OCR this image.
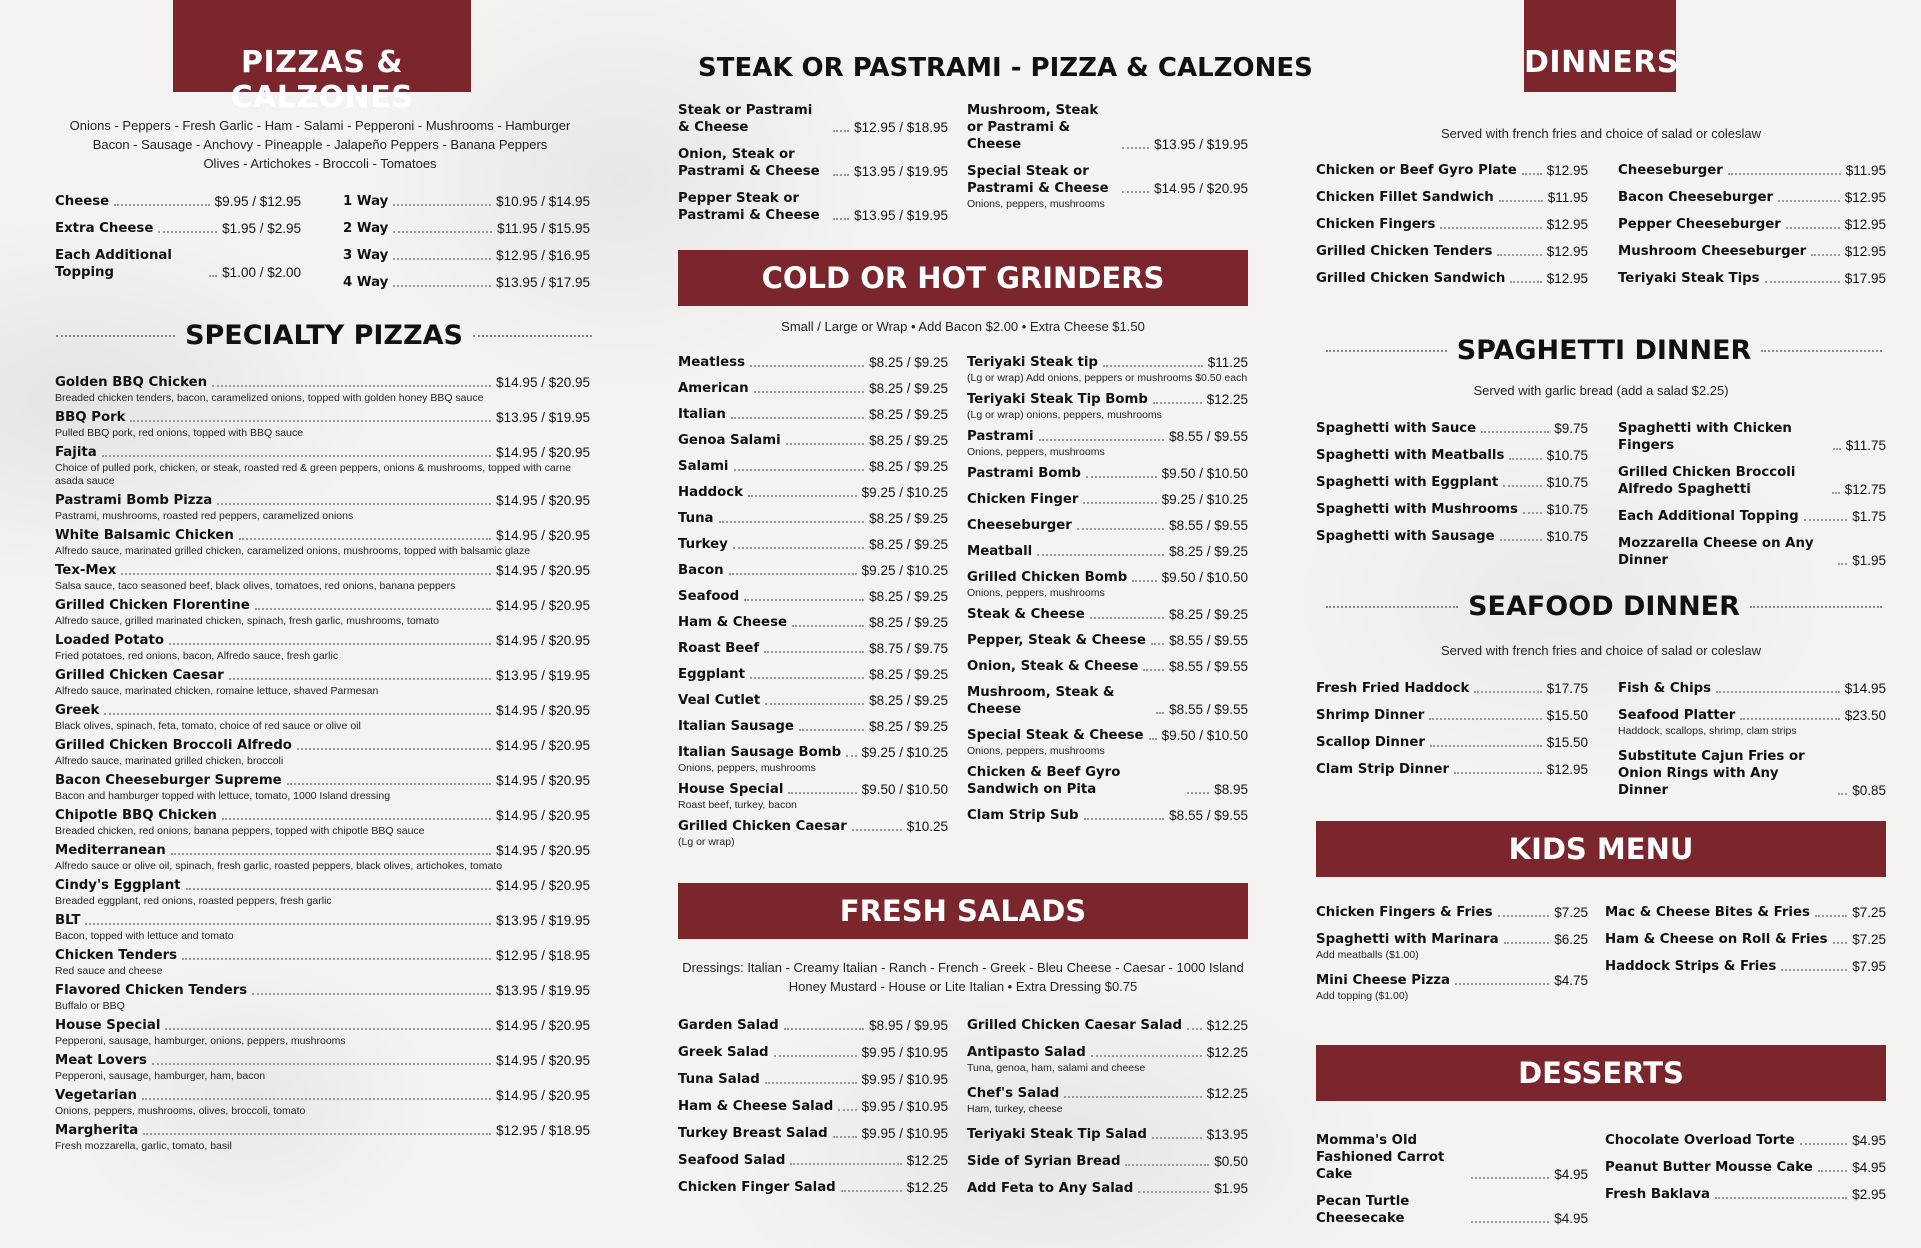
PIZZAS & CALZONES
Onions - Peppers - Fresh Garlic - Ham - Salami - Pepperoni - Mushrooms - Hamburger
Bacon - Sausage - Anchovy - Pineapple - Jalapeño Peppers - Banana Peppers
Olives - Artichokes - Broccoli - Tomatoes
Cheese	$9.95 / $12.95
Extra Cheese	$1.95 / $2.95
Each Additional Topping	$1.00 / $2.00
1 Way	$10.95 / $14.95
2 Way	$11.95 / $15.95
3 Way	$12.95 / $16.95
4 Way	$13.95 / $17.95
SPECIALTY PIZZAS
Golden BBQ Chicken	$14.95 / $20.95
Breaded chicken tenders, bacon, caramelized onions, topped with golden honey BBQ sauce
BBQ Pork	$13.95 / $19.95
Pulled BBQ pork, red onions, topped with BBQ sauce
Fajita	$14.95 / $20.95
Choice of pulled pork, chicken, or steak, roasted red & green peppers, onions & mushrooms, topped with carne asada sauce
Pastrami Bomb Pizza	$14.95 / $20.95
Pastrami, mushrooms, roasted red peppers, caramelized onions
White Balsamic Chicken	$14.95 / $20.95
Alfredo sauce, marinated grilled chicken, caramelized onions, mushrooms, topped with balsamic glaze
Tex-Mex	$14.95 / $20.95
Salsa sauce, taco seasoned beef, black olives, tomatoes, red onions, banana peppers
Grilled Chicken Florentine	$14.95 / $20.95
Alfredo sauce, grilled marinated chicken, spinach, fresh garlic, mushrooms, tomato
Loaded Potato	$14.95 / $20.95
Fried potatoes, red onions, bacon, Alfredo sauce, fresh garlic
Grilled Chicken Caesar	$13.95 / $19.95
Alfredo sauce, marinated chicken, romaine lettuce, shaved Parmesan
Greek	$14.95 / $20.95
Black olives, spinach, feta, tomato, choice of red sauce or olive oil
Grilled Chicken Broccoli Alfredo	$14.95 / $20.95
Alfredo sauce, marinated grilled chicken, broccoli
Bacon Cheeseburger Supreme	$14.95 / $20.95
Bacon and hamburger topped with lettuce, tomato, 1000 Island dressing
Chipotle BBQ Chicken	$14.95 / $20.95
Breaded chicken, red onions, banana peppers, topped with chipotle BBQ sauce
Mediterranean	$14.95 / $20.95
Alfredo sauce or olive oil, spinach, fresh garlic, roasted peppers, black olives, artichokes, tomato
Cindy's Eggplant	$14.95 / $20.95
Breaded eggplant, red onions, roasted peppers, fresh garlic
BLT	$13.95 / $19.95
Bacon, topped with lettuce and tomato
Chicken Tenders	$12.95 / $18.95
Red sauce and cheese
Flavored Chicken Tenders	$13.95 / $19.95
Buffalo or BBQ
House Special	$14.95 / $20.95
Pepperoni, sausage, hamburger, onions, peppers, mushrooms
Meat Lovers	$14.95 / $20.95
Pepperoni, sausage, hamburger, ham, bacon
Vegetarian	$14.95 / $20.95
Onions, peppers, mushrooms, olives, broccoli, tomato
Margherita	$12.95 / $18.95
Fresh mozzarella, garlic, tomato, basil
STEAK OR PASTRAMI - PIZZA & CALZONES
Steak or Pastrami & Cheese	$12.95 / $18.95
Onion, Steak or Pastrami & Cheese	$13.95 / $19.95
Pepper Steak or Pastrami & Cheese	$13.95 / $19.95
Mushroom, Steak or Pastrami & Cheese	$13.95 / $19.95
Special Steak or Pastrami & Cheese	$14.95 / $20.95
Onions, peppers, mushrooms
COLD OR HOT GRINDERS
Small / Large or Wrap • Add Bacon $2.00 • Extra Cheese $1.50
Meatless	$8.25 / $9.25
American	$8.25 / $9.25
Italian	$8.25 / $9.25
Genoa Salami	$8.25 / $9.25
Salami	$8.25 / $9.25
Haddock	$9.25 / $10.25
Tuna	$8.25 / $9.25
Turkey	$8.25 / $9.25
Bacon	$9.25 / $10.25
Seafood	$8.25 / $9.25
Ham & Cheese	$8.25 / $9.25
Roast Beef	$8.75 / $9.75
Eggplant	$8.25 / $9.25
Veal Cutlet	$8.25 / $9.25
Italian Sausage	$8.25 / $9.25
Italian Sausage Bomb $9.25 / $10.25
Onions, peppers, mushrooms
House Special	$9.50 / $10.50
Roast beef, turkey, bacon
Grilled Chicken Caesar	$10.25
(Lg or wrap)
Teriyaki Steak tip	$11.25
(Lg or wrap) Add onions, peppers or mushrooms $0.50 each
Teriyaki Steak Tip Bomb	$12.25
(Lg or wrap) onions, peppers, mushrooms
Pastrami	$8.55 / $9.55
Onions, peppers, mushrooms
Pastrami Bomb	$9.50 / $10.50
Chicken Finger	$9.25 / $10.25
Cheeseburger	$8.55 / $9.55
Meatball	$8.25 / $9.25
Grilled Chicken Bomb	$9.50 / $10.50
Onions, peppers, mushrooms
Steak & Cheese	$8.25 / $9.25
Pepper, Steak & Cheese $8.55 / $9.55
Onion, Steak & Cheese $8.55 / $9.55
Mushroom, Steak & Cheese	$8.55 / $9.55
Special Steak & Cheese $9.50 / $10.50
Onions, peppers, mushrooms
Chicken & Beef Gyro Sandwich on Pita	$8.95
Clam Strip Sub	$8.55 / $9.55
FRESH SALADS
Dressings: Italian - Creamy Italian - Ranch - French - Greek - Bleu Cheese - Caesar - 1000 Island
Honey Mustard - House or Lite Italian • Extra Dressing $0.75
Garden Salad	$8.95 / $9.95
Greek Salad	$9.95 / $10.95
Tuna Salad	$9.95 / $10.95
Ham & Cheese Salad $9.95 / $10.95
Turkey Breast Salad	$9.95 / $10.95
Seafood Salad	$12.25
Chicken Finger Salad	$12.25
Grilled Chicken Caesar Salad $12.25
Antipasto Salad	$12.25
Tuna, genoa, ham, salami and cheese
Chef's Salad	$12.25
Ham, turkey, cheese
Teriyaki Steak Tip Salad	$13.95
Side of Syrian Bread	$0.50
Add Feta to Any Salad	$1.95
DINNERS
Served with french fries and choice of salad or coleslaw
Chicken or Beef Gyro Plate $12.95
Chicken Fillet Sandwich	$11.95
Chicken Fingers	$12.95
Grilled Chicken Tenders	$12.95
Grilled Chicken Sandwich	$12.95
Cheeseburger	$11.95
Bacon Cheeseburger	$12.95
Pepper Cheeseburger	$12.95
Mushroom Cheeseburger	$12.95
Teriyaki Steak Tips	$17.95
SPAGHETTI DINNER
Served with garlic bread (add a salad $2.25)
Spaghetti with Sauce	$9.75
Spaghetti with Meatballs	$10.75
Spaghetti with Eggplant	$10.75
Spaghetti with Mushrooms $10.75
Spaghetti with Sausage	$10.75
Spaghetti with Chicken Fingers	$11.75
Grilled Chicken Broccoli Alfredo Spaghetti	$12.75
Each Additional Topping	$1.75
Mozzarella Cheese on Any Dinner	$1.95
SEAFOOD DINNER
Served with french fries and choice of salad or coleslaw
Fresh Fried Haddock	$17.75
Shrimp Dinner	$15.50
Scallop Dinner	$15.50
Clam Strip Dinner	$12.95
Fish & Chips	$14.95
Seafood Platter	$23.50
Haddock, scallops, shrimp, clam strips
Substitute Cajun Fries or Onion Rings with Any Dinner	$0.85
KIDS MENU
Chicken Fingers & Fries	$7.25
Spaghetti with Marinara	$6.25
Add meatballs ($1.00)
Mini Cheese Pizza	$4.75
Add topping ($1.00)
Mac & Cheese Bites & Fries	$7.25
Ham & Cheese on Roll & Fries $7.25
Haddock Strips & Fries	$7.95
DESSERTS
Momma's Old Fashioned Carrot Cake	$4.95
Pecan Turtle Cheesecake	$4.95
Chocolate Overload Torte	$4.95
Peanut Butter Mousse Cake	$4.95
Fresh Baklava	$2.95
